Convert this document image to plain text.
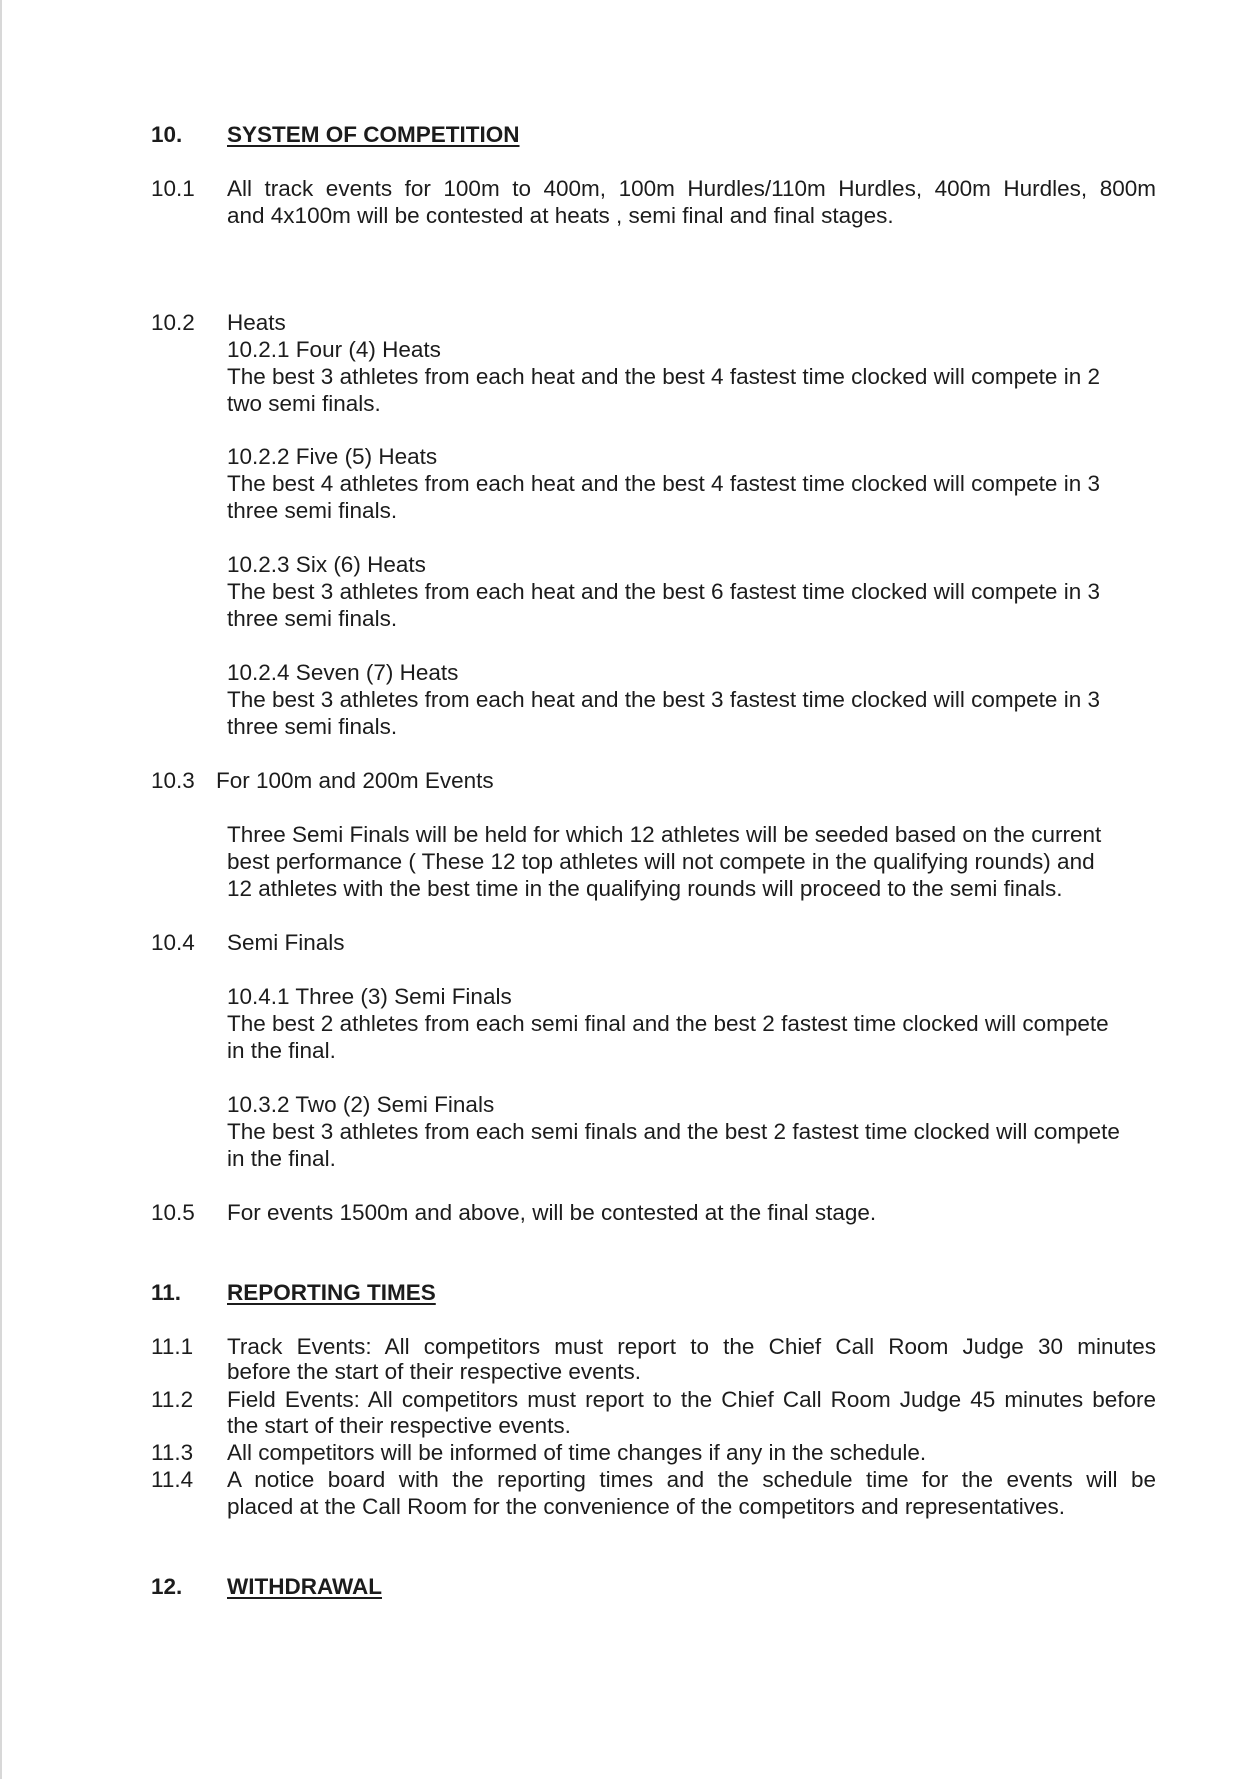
10. SYSTEM OF COMPETITION
10.1 All track events for 100m to 400m, 100m Hurdles/110m Hurdles, 400m Hurdles, 800m
and 4x100m will be contested at heats , semi final and final stages.
10.2 Heats
10.2.1 Four (4) Heats
The best 3 athletes from each heat and the best 4 fastest time clocked will compete in 2
two semi finals.
10.2.2 Five (5) Heats
The best 4 athletes from each heat and the best 4 fastest time clocked will compete in 3
three semi finals.
10.2.3 Six (6) Heats
The best 3 athletes from each heat and the best 6 fastest time clocked will compete in 3
three semi finals.
10.2.4 Seven (7) Heats
The best 3 athletes from each heat and the best 3 fastest time clocked will compete in 3
three semi finals.
10.3 For 100m and 200m Events
Three Semi Finals will be held for which 12 athletes will be seeded based on the current
best performance ( These 12 top athletes will not compete in the qualifying rounds) and
12 athletes with the best time in the qualifying rounds will proceed to the semi finals.
10.4 Semi Finals
10.4.1 Three (3) Semi Finals
The best 2 athletes from each semi final and the best 2 fastest time clocked will compete
in the final.
10.3.2 Two (2) Semi Finals
The best 3 athletes from each semi finals and the best 2 fastest time clocked will compete
in the final.
10.5 For events 1500m and above, will be contested at the final stage.
11. REPORTING TIMES
11.1 Track Events: All competitors must report to the Chief Call Room Judge 30 minutes
before the start of their respective events.
11.2 Field Events: All competitors must report to the Chief Call Room Judge 45 minutes before
the start of their respective events.
11.3 All competitors will be informed of time changes if any in the schedule.
11.4 A notice board with the reporting times and the schedule time for the events will be
placed at the Call Room for the convenience of the competitors and representatives.
12. WITHDRAWAL
